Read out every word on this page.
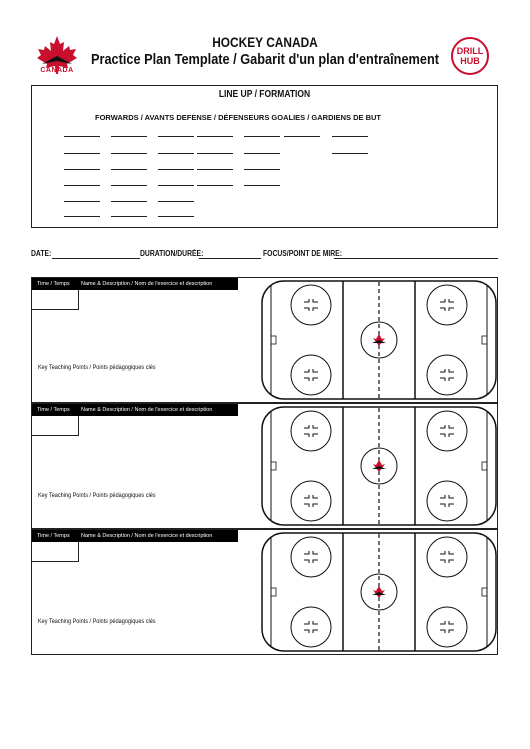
CANADA
HOCKEY CANADA
Practice Plan Template / Gabarit d'un plan d'entraînement	DRILL
HUB
LINE UP / FORMATION
FORWARDS / AVANTS DEFENSE / DÉFENSEURS GOALIES / GARDIENS DE BUT
DATE:	DURATION/DURÉE:	FOCUS/POINT DE MIRE:
Time / Temps	Name & Description / Nom de l'exercice et description
Key Teaching Points / Points pédagogiques clés
Time / Temps	Name & Description / Nom de l'exercice et description
Key Teaching Points / Points pédagogiques clés
Time / Temps	Name & Description / Nom de l'exercice et description
Key Teaching Points / Points pédagogiques clés
